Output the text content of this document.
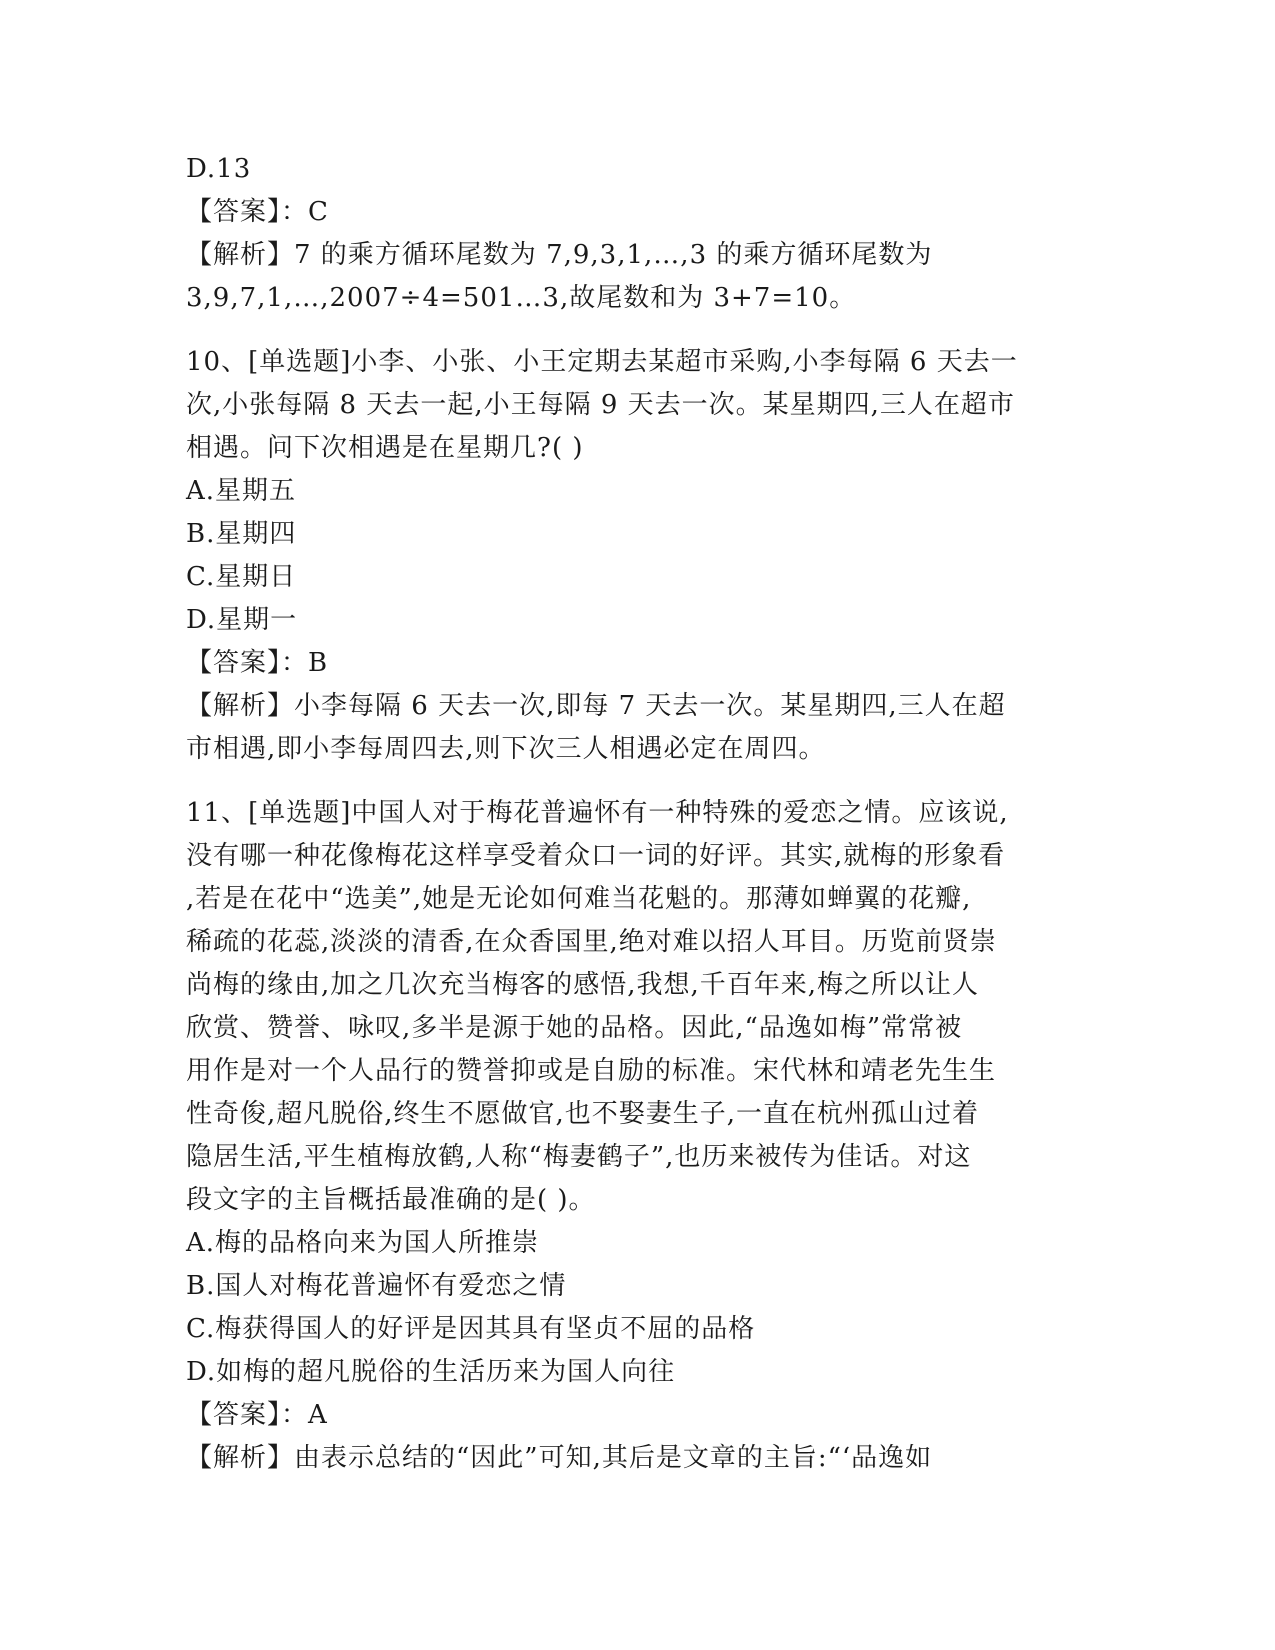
D.13
【答案】：C
【解析】7 的乘方循环尾数为 7,9,3,1,…,3 的乘方循环尾数为
3,9,7,1,…,2007÷4=501…3,故尾数和为 3+7=10。
10、[单选题]小李、小张、小王定期去某超市采购,小李每隔 6 天去一
次,小张每隔 8 天去一起,小王每隔 9 天去一次。某星期四,三人在超市
相遇。问下次相遇是在星期几?( )
A.星期五
B.星期四
C.星期日
D.星期一
【答案】：B
【解析】小李每隔 6 天去一次,即每 7 天去一次。某星期四,三人在超
市相遇,即小李每周四去,则下次三人相遇必定在周四。
11、[单选题]中国人对于梅花普遍怀有一种特殊的爱恋之情。应该说,
没有哪一种花像梅花这样享受着众口一词的好评。其实,就梅的形象看
,若是在花中“选美”,她是无论如何难当花魁的。那薄如蝉翼的花瓣,
稀疏的花蕊,淡淡的清香,在众香国里,绝对难以招人耳目。历览前贤崇
尚梅的缘由,加之几次充当梅客的感悟,我想,千百年来,梅之所以让人
欣赏、赞誉、咏叹,多半是源于她的品格。因此,“品逸如梅”常常被
用作是对一个人品行的赞誉抑或是自励的标准。宋代林和靖老先生生
性奇俊,超凡脱俗,终生不愿做官,也不娶妻生子,一直在杭州孤山过着
隐居生活,平生植梅放鹤,人称“梅妻鹤子”,也历来被传为佳话。对这
段文字的主旨概括最准确的是( )。
A.梅的品格向来为国人所推崇
B.国人对梅花普遍怀有爱恋之情
C.梅获得国人的好评是因其具有坚贞不屈的品格
D.如梅的超凡脱俗的生活历来为国人向往
【答案】：A
【解析】由表示总结的“因此”可知,其后是文章的主旨:“‘品逸如
